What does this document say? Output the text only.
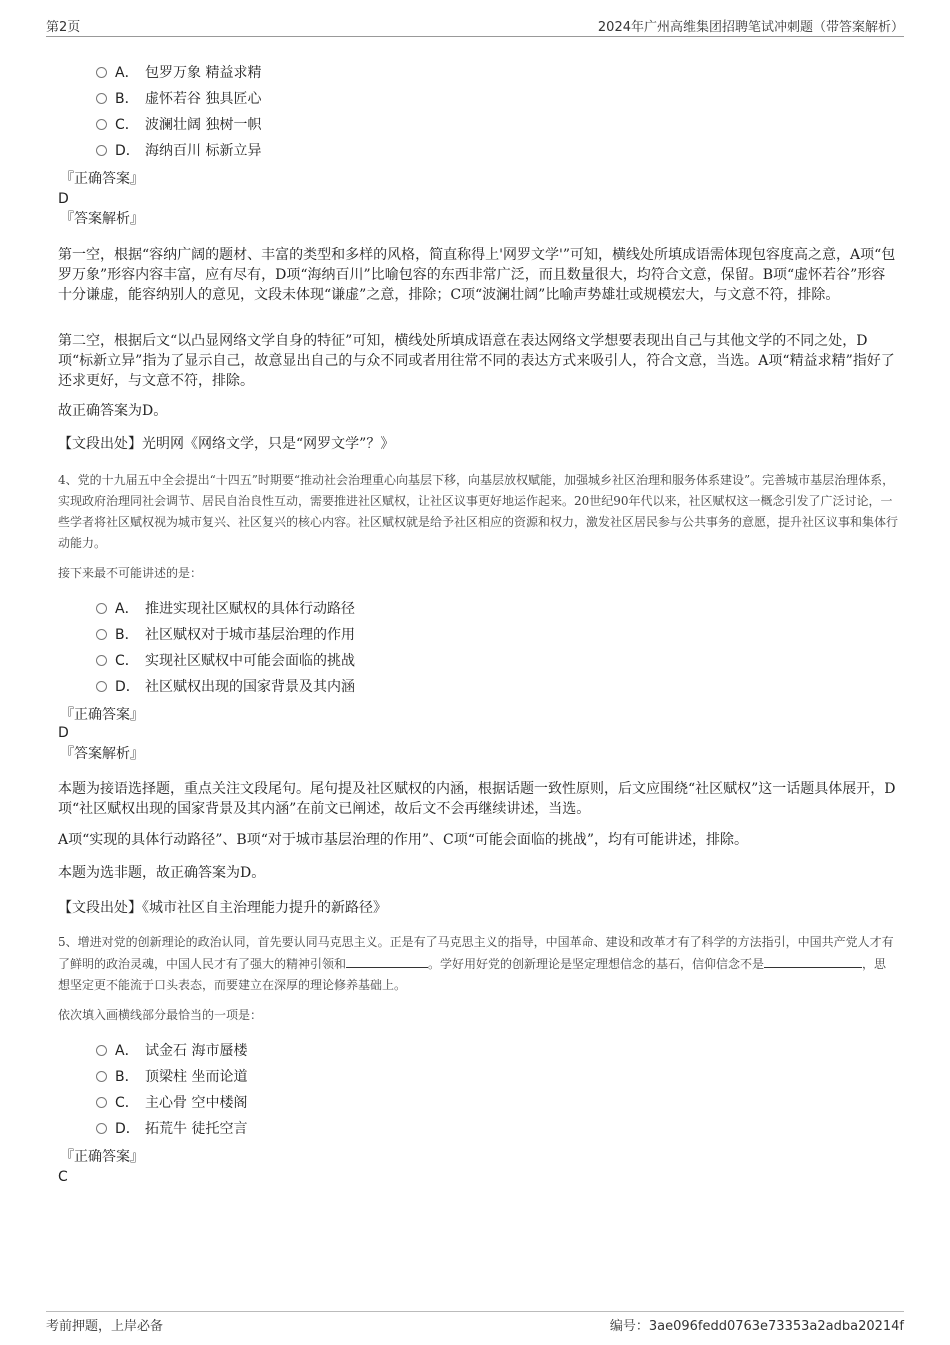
第2页	2024年广州高维集团招聘笔试冲刺题（带答案解析）
A． 包罗万象 精益求精
B． 虚怀若谷 独具匠心
C． 波澜壮阔 独树一帜
D． 海纳百川 标新立异
『正确答案』
D
『答案解析』
第一空，根据“容纳广阔的题材、丰富的类型和多样的风格，简直称得上'网罗文学'”可知，横线处所填成语需体现包容度高之意，A项“包罗万象”形容内容丰富，应有尽有，D项“海纳百川”比喻包容的东西非常广泛，而且数量很大，均符合文意，保留。B项“虚怀若谷”形容十分谦虚，能容纳别人的意见，文段未体现“谦虚”之意，排除；C项“波澜壮阔”比喻声势雄壮或规模宏大，与文意不符，排除。
第二空，根据后文“以凸显网络文学自身的特征”可知，横线处所填成语意在表达网络文学想要表现出自己与其他文学的不同之处，D项“标新立异”指为了显示自己，故意显出自己的与众不同或者用往常不同的表达方式来吸引人，符合文意，当选。A项“精益求精”指好了还求更好，与文意不符，排除。
故正确答案为D。
【文段出处】光明网《网络文学，只是“网罗文学”？》
4、党的十九届五中全会提出“十四五”时期要“推动社会治理重心向基层下移，向基层放权赋能，加强城乡社区治理和服务体系建设”。完善城市基层治理体系，实现政府治理同社会调节、居民自治良性互动，需要推进社区赋权，让社区议事更好地运作起来。20世纪90年代以来，社区赋权这一概念引发了广泛讨论，一些学者将社区赋权视为城市复兴、社区复兴的核心内容。社区赋权就是给予社区相应的资源和权力，激发社区居民参与公共事务的意愿，提升社区议事和集体行动能力。
接下来最不可能讲述的是：
A． 推进实现社区赋权的具体行动路径
B． 社区赋权对于城市基层治理的作用
C． 实现社区赋权中可能会面临的挑战
D． 社区赋权出现的国家背景及其内涵
『正确答案』
D
『答案解析』
本题为接语选择题，重点关注文段尾句。尾句提及社区赋权的内涵，根据话题一致性原则，后文应围绕“社区赋权”这一话题具体展开，D项“社区赋权出现的国家背景及其内涵”在前文已阐述，故后文不会再继续讲述，当选。
A项“实现的具体行动路径”、B项“对于城市基层治理的作用”、C项“可能会面临的挑战”，均有可能讲述，排除。
本题为选非题，故正确答案为D。
【文段出处】《城市社区自主治理能力提升的新路径》
5、增进对党的创新理论的政治认同，首先要认同马克思主义。正是有了马克思主义的指导，中国革命、建设和改革才有了科学的方法指引，中国共产党人才有了鲜明的政治灵魂，中国人民才有了强大的精神引领和	。学好用好党的创新理论是坚定理想信念的基石，信仰信念不是	，思想坚定更不能流于口头表态，而要建立在深厚的理论修养基础上。
依次填入画横线部分最恰当的一项是：
A． 试金石 海市蜃楼
B． 顶梁柱 坐而论道
C． 主心骨 空中楼阁
D． 拓荒牛 徒托空言
『正确答案』
C
考前押题，上岸必备	编号：3ae096fedd0763e73353a2adba20214f
